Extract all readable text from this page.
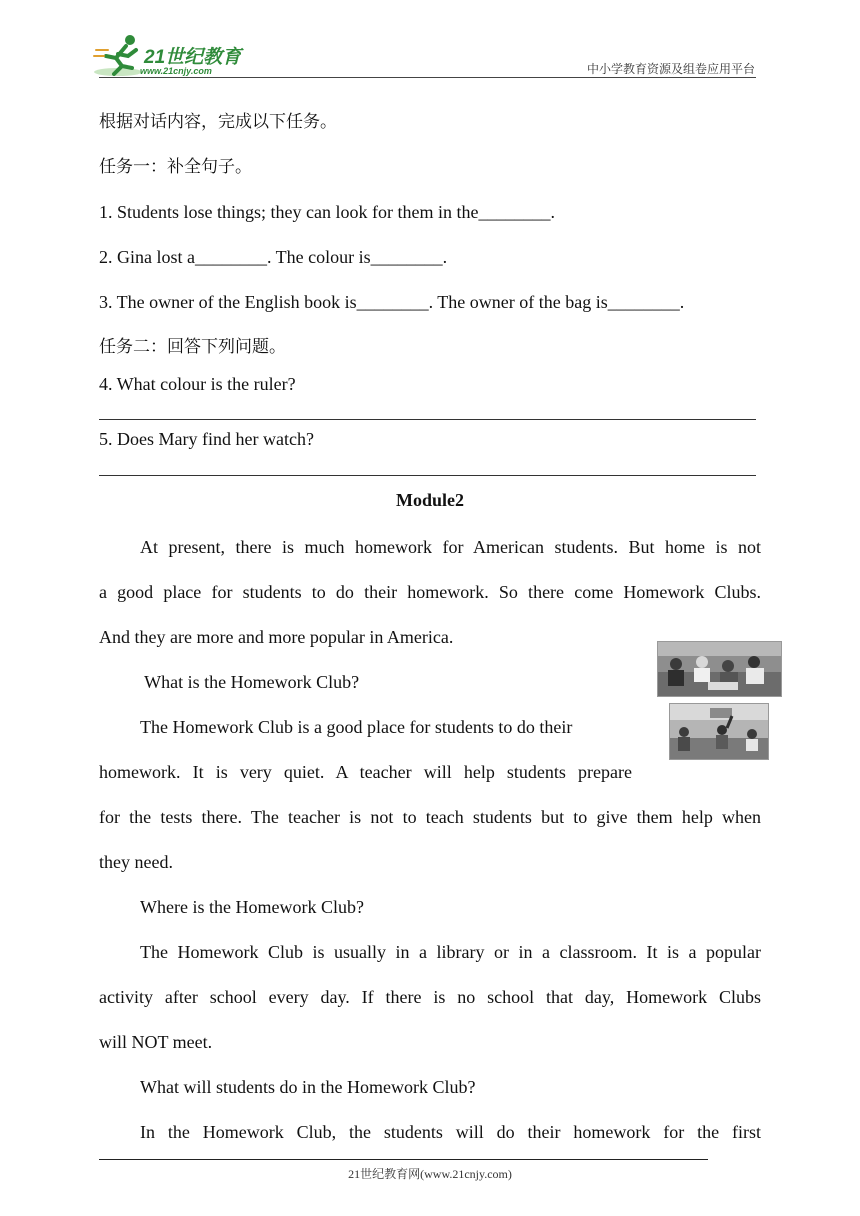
21世纪教育
www.21cnjy.com	中小学教育资源及组卷应用平台
根据对话内容，完成以下任务。
任务一：补全句子。
1. Students lose things; they can look for them in the________.
2. Gina lost a________. The colour is________.
3. The owner of the English book is________. The owner of the bag is________.
任务二：回答下列问题。
4. What colour is the ruler?
5. Does Mary find her watch?
Module2
At present, there is much homework for American students. But home is not
a good place for students to do their homework. So there come Homework Clubs.
And they are more and more popular in America.
What is the Homework Club?
The Homework Club is a good place for students to do their
homework. It is very quiet. A teacher will help students prepare
for the tests there. The teacher is not to teach students but to give them help when
they need.
Where is the Homework Club?
The Homework Club is usually in a library or in a classroom. It is a popular
activity after school every day. If there is no school that day, Homework Clubs
will NOT meet.
What will students do in the Homework Club?
In the Homework Club, the students will do their homework for the first
21世纪教育网(www.21cnjy.com)
